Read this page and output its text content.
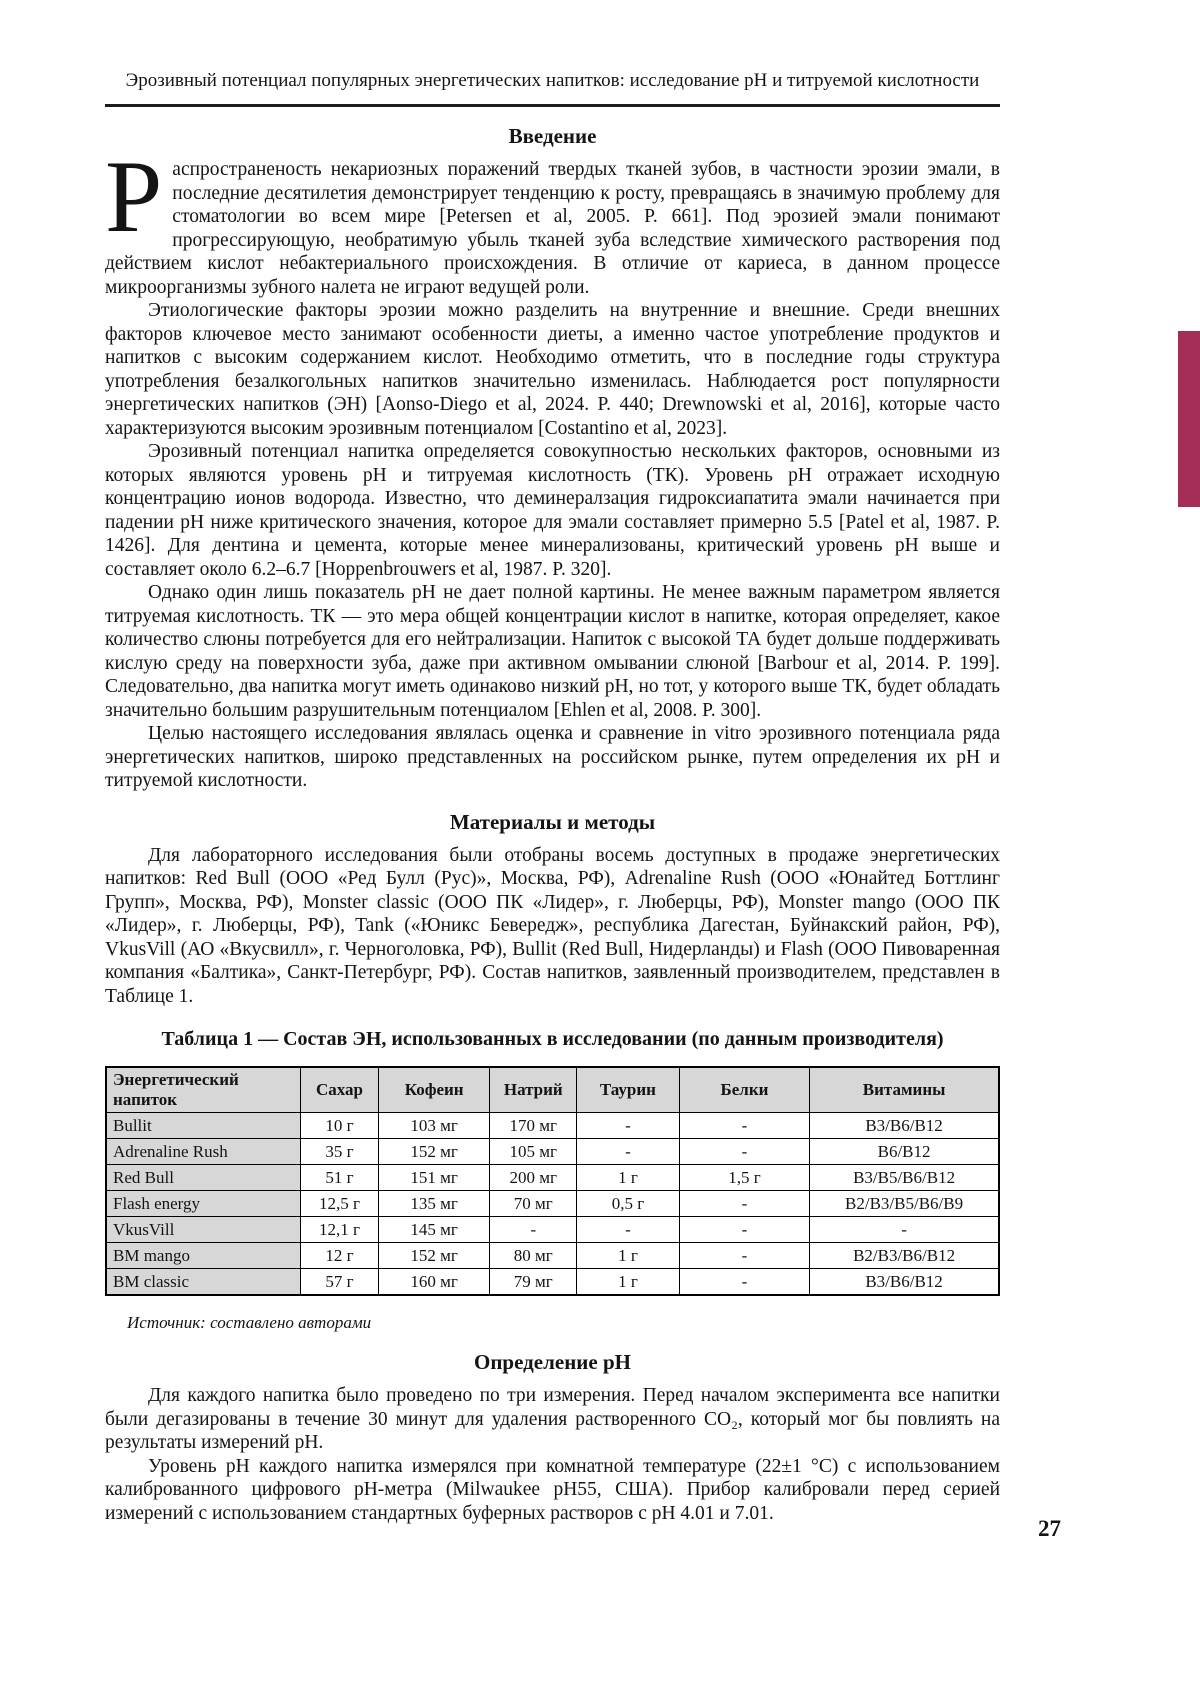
Эрозивный потенциал популярных энергетических напитков: исследование pH и титруемой кислотности
Введение

Распространеность некариозных поражений твердых тканей зубов, в частности эрозии эмали, в последние десятилетия демонстрирует тенденцию к росту, превращаясь в значимую проблему для стоматологии во всем мире [Petersen et al, 2005. P. 661]. Под эрозией эмали понимают прогрессирующую, необратимую убыль тканей зуба вследствие химического растворения под действием кислот небактериального происхождения. В отличие от кариеса, в данном процессе микроорганизмы зубного налета не играют ведущей роли.

Этиологические факторы эрозии можно разделить на внутренние и внешние. Среди внешних факторов ключевое место занимают особенности диеты, а именно частое употребление продуктов и напитков с высоким содержанием кислот. Необходимо отметить, что в последние годы структура употребления безалкогольных напитков значительно изменилась. Наблюдается рост популярности энергетических напитков (ЭН) [Aonso-Diego et al, 2024. P. 440; Drewnowski et al, 2016], которые часто характеризуются высоким эрозивным потенциалом [Costantino et al, 2023].

Эрозивный потенциал напитка определяется совокупностью нескольких факторов, основными из которых являются уровень pH и титруемая кислотность (ТК). Уровень pH отражает исходную концентрацию ионов водорода. Известно, что деминералзация гидроксиапатита эмали начинается при падении pH ниже критического значения, которое для эмали составляет примерно 5.5 [Patel et al, 1987. P. 1426]. Для дентина и цемента, которые менее минерализованы, критический уровень pH выше и составляет около 6.2–6.7 [Hoppenbrouwers et al, 1987. P. 320].

Однако один лишь показатель pH не дает полной картины. Не менее важным параметром является титруемая кислотность. ТК — это мера общей концентрации кислот в напитке, которая определяет, какое количество слюны потребуется для его нейтрализации. Напиток с высокой ТА будет дольше поддерживать кислую среду на поверхности зуба, даже при активном омывании слюной [Barbour et al, 2014. P. 199]. Следовательно, два напитка могут иметь одинаково низкий pH, но тот, у которого выше ТК, будет обладать значительно большим разрушительным потенциалом [Ehlen et al, 2008. P. 300].

Целью настоящего исследования являлась оценка и сравнение in vitro эрозивного потенциала ряда энергетических напитков, широко представленных на российском рынке, путем определения их pH и титруемой кислотности.

Материалы и методы

Для лабораторного исследования были отобраны восемь доступных в продаже энергетических напитков: Red Bull (ООО «Ред Булл (Рус)», Москва, РФ), Adrenaline Rush (ООО «Юнайтед Боттлинг Групп», Москва, РФ), Monster classic (ООО ПК «Лидер», г. Люберцы, РФ), Monster mango (ООО ПК «Лидер», г. Люберцы, РФ), Tank («Юникс Бевередж», республика Дагестан, Буйнакский район, РФ), VkusVill (АО «Вкусвилл», г. Черноголовка, РФ), Bullit (Red Bull, Нидерланды) и Flash (ООО Пивоваренная компания «Балтика», Санкт-Петербург, РФ). Состав напитков, заявленный производителем, представлен в Таблице 1.

Таблица 1 — Состав ЭН, использованных в исследовании (по данным производителя)
Энергетический напиток	Сахар	Кофеин	Натрий	Таурин	Белки	Витамины
Bullit	10 г	103 мг	170 мг	-	-	B3/B6/B12
Adrenaline Rush	35 г	152 мг	105 мг	-	-	B6/B12
Red Bull	51 г	151 мг	200 мг	1 г	1,5 г	B3/B5/B6/B12
Flash energy	12,5 г	135 мг	70 мг	0,5 г	-	B2/B3/B5/B6/B9
VkusVill	12,1 г	145 мг	-	-	-	-
BM mango	12 г	152 мг	80 мг	1 г	-	B2/B3/B6/B12
BM classic	57 г	160 мг	79 мг	1 г	-	B3/B6/B12
Источник: составлено авторами
Определение pH

Для каждого напитка было проведено по три измерения. Перед началом эксперимента все напитки были дегазированы в течение 30 минут для удаления растворенного CO₂, который мог бы повлиять на результаты измерений pH.

Уровень pH каждого напитка измерялся при комнатной температуре (22±1 °C) с использованием калиброванного цифрового pH-метра (Milwaukee pH55, США). Прибор калибровали перед серией измерений с использованием стандартных буферных растворов с pH 4.01 и 7.01.

27
